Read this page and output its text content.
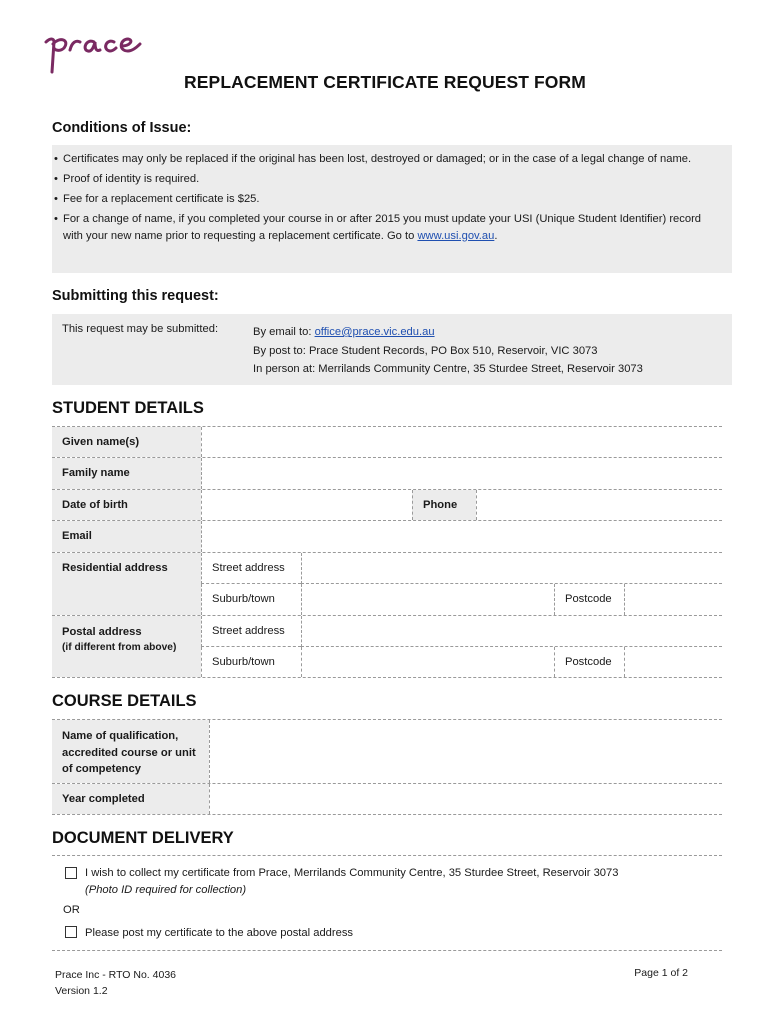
REPLACEMENT CERTIFICATE REQUEST FORM
Conditions of Issue:
• Certificates may only be replaced if the original has been lost, destroyed or damaged; or in the case of a legal change of name.
• Proof of identity is required.
• Fee for a replacement certificate is $25.
• For a change of name, if you completed your course in or after 2015 you must update your USI (Unique Student Identifier) record with your new name prior to requesting a replacement certificate. Go to www.usi.gov.au.
Submitting this request:
This request may be submitted:	By email to: office@prace.vic.edu.au
By post to: Prace Student Records, PO Box 510, Reservoir, VIC 3073
In person at: Merrilands Community Centre, 35 Sturdee Street, Reservoir 3073
STUDENT DETAILS
Given name(s)
Family name
Date of birth	Phone
Email
Residential address	Street address
Suburb/town	Postcode
Postal address
(if different from above)
Street address
Suburb/town	Postcode
COURSE DETAILS
Name of qualification, accredited course or unit of competency
Year completed
DOCUMENT DELIVERY
I wish to collect my certificate from Prace, Merrilands Community Centre, 35 Sturdee Street, Reservoir 3073
(Photo ID required for collection)
OR
Please post my certificate to the above postal address
Prace Inc - RTO No. 4036
Version 1.2
Page 1 of 2
